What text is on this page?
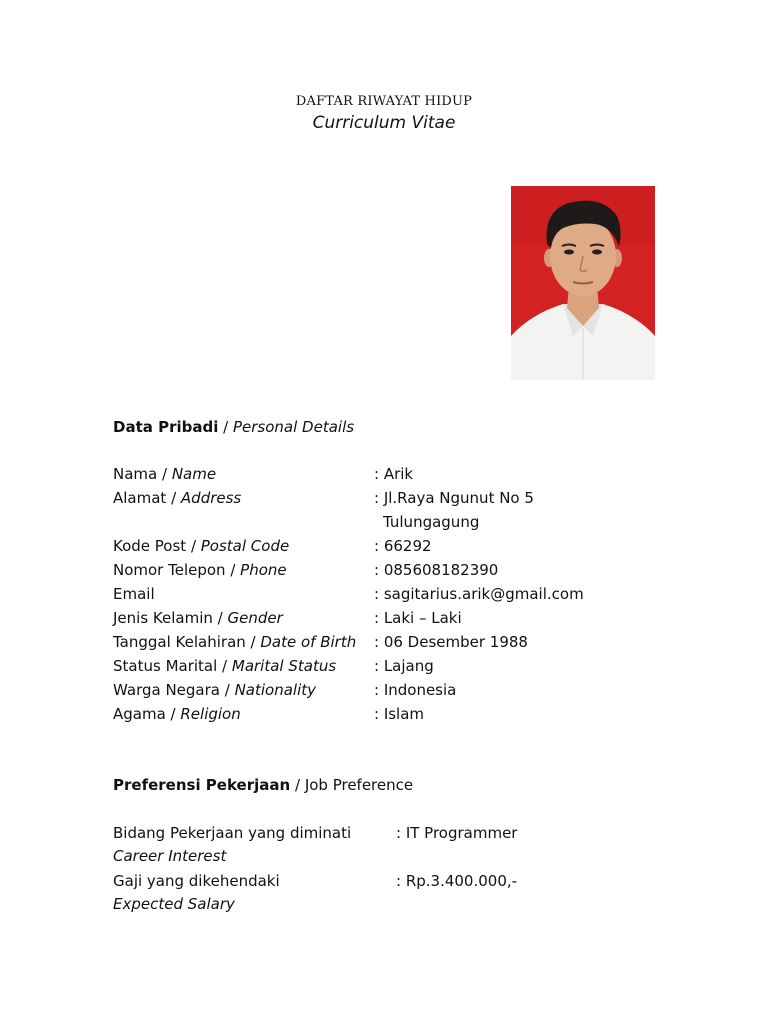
DAFTAR RIWAYAT HIDUP
Curriculum Vitae
Data Pribadi / Personal Details
Nama / Name	: Arik
Alamat / Address	: Jl.Raya Ngunut No 5
Tulungagung
Kode Post / Postal Code	: 66292
Nomor Telepon / Phone	: 085608182390
Email	: sagitarius.arik@gmail.com
Jenis Kelamin / Gender	: Laki – Laki
Tanggal Kelahiran / Date of Birth : 06 Desember 1988
Status Marital / Marital Status	: Lajang
Warga Negara / Nationality	: Indonesia
Agama / Religion	: Islam
Preferensi Pekerjaan / Job Preference
Bidang Pekerjaan yang diminati
Career Interest
: IT Programmer
Gaji yang dikehendaki
Expected Salary
: Rp.3.400.000,-
